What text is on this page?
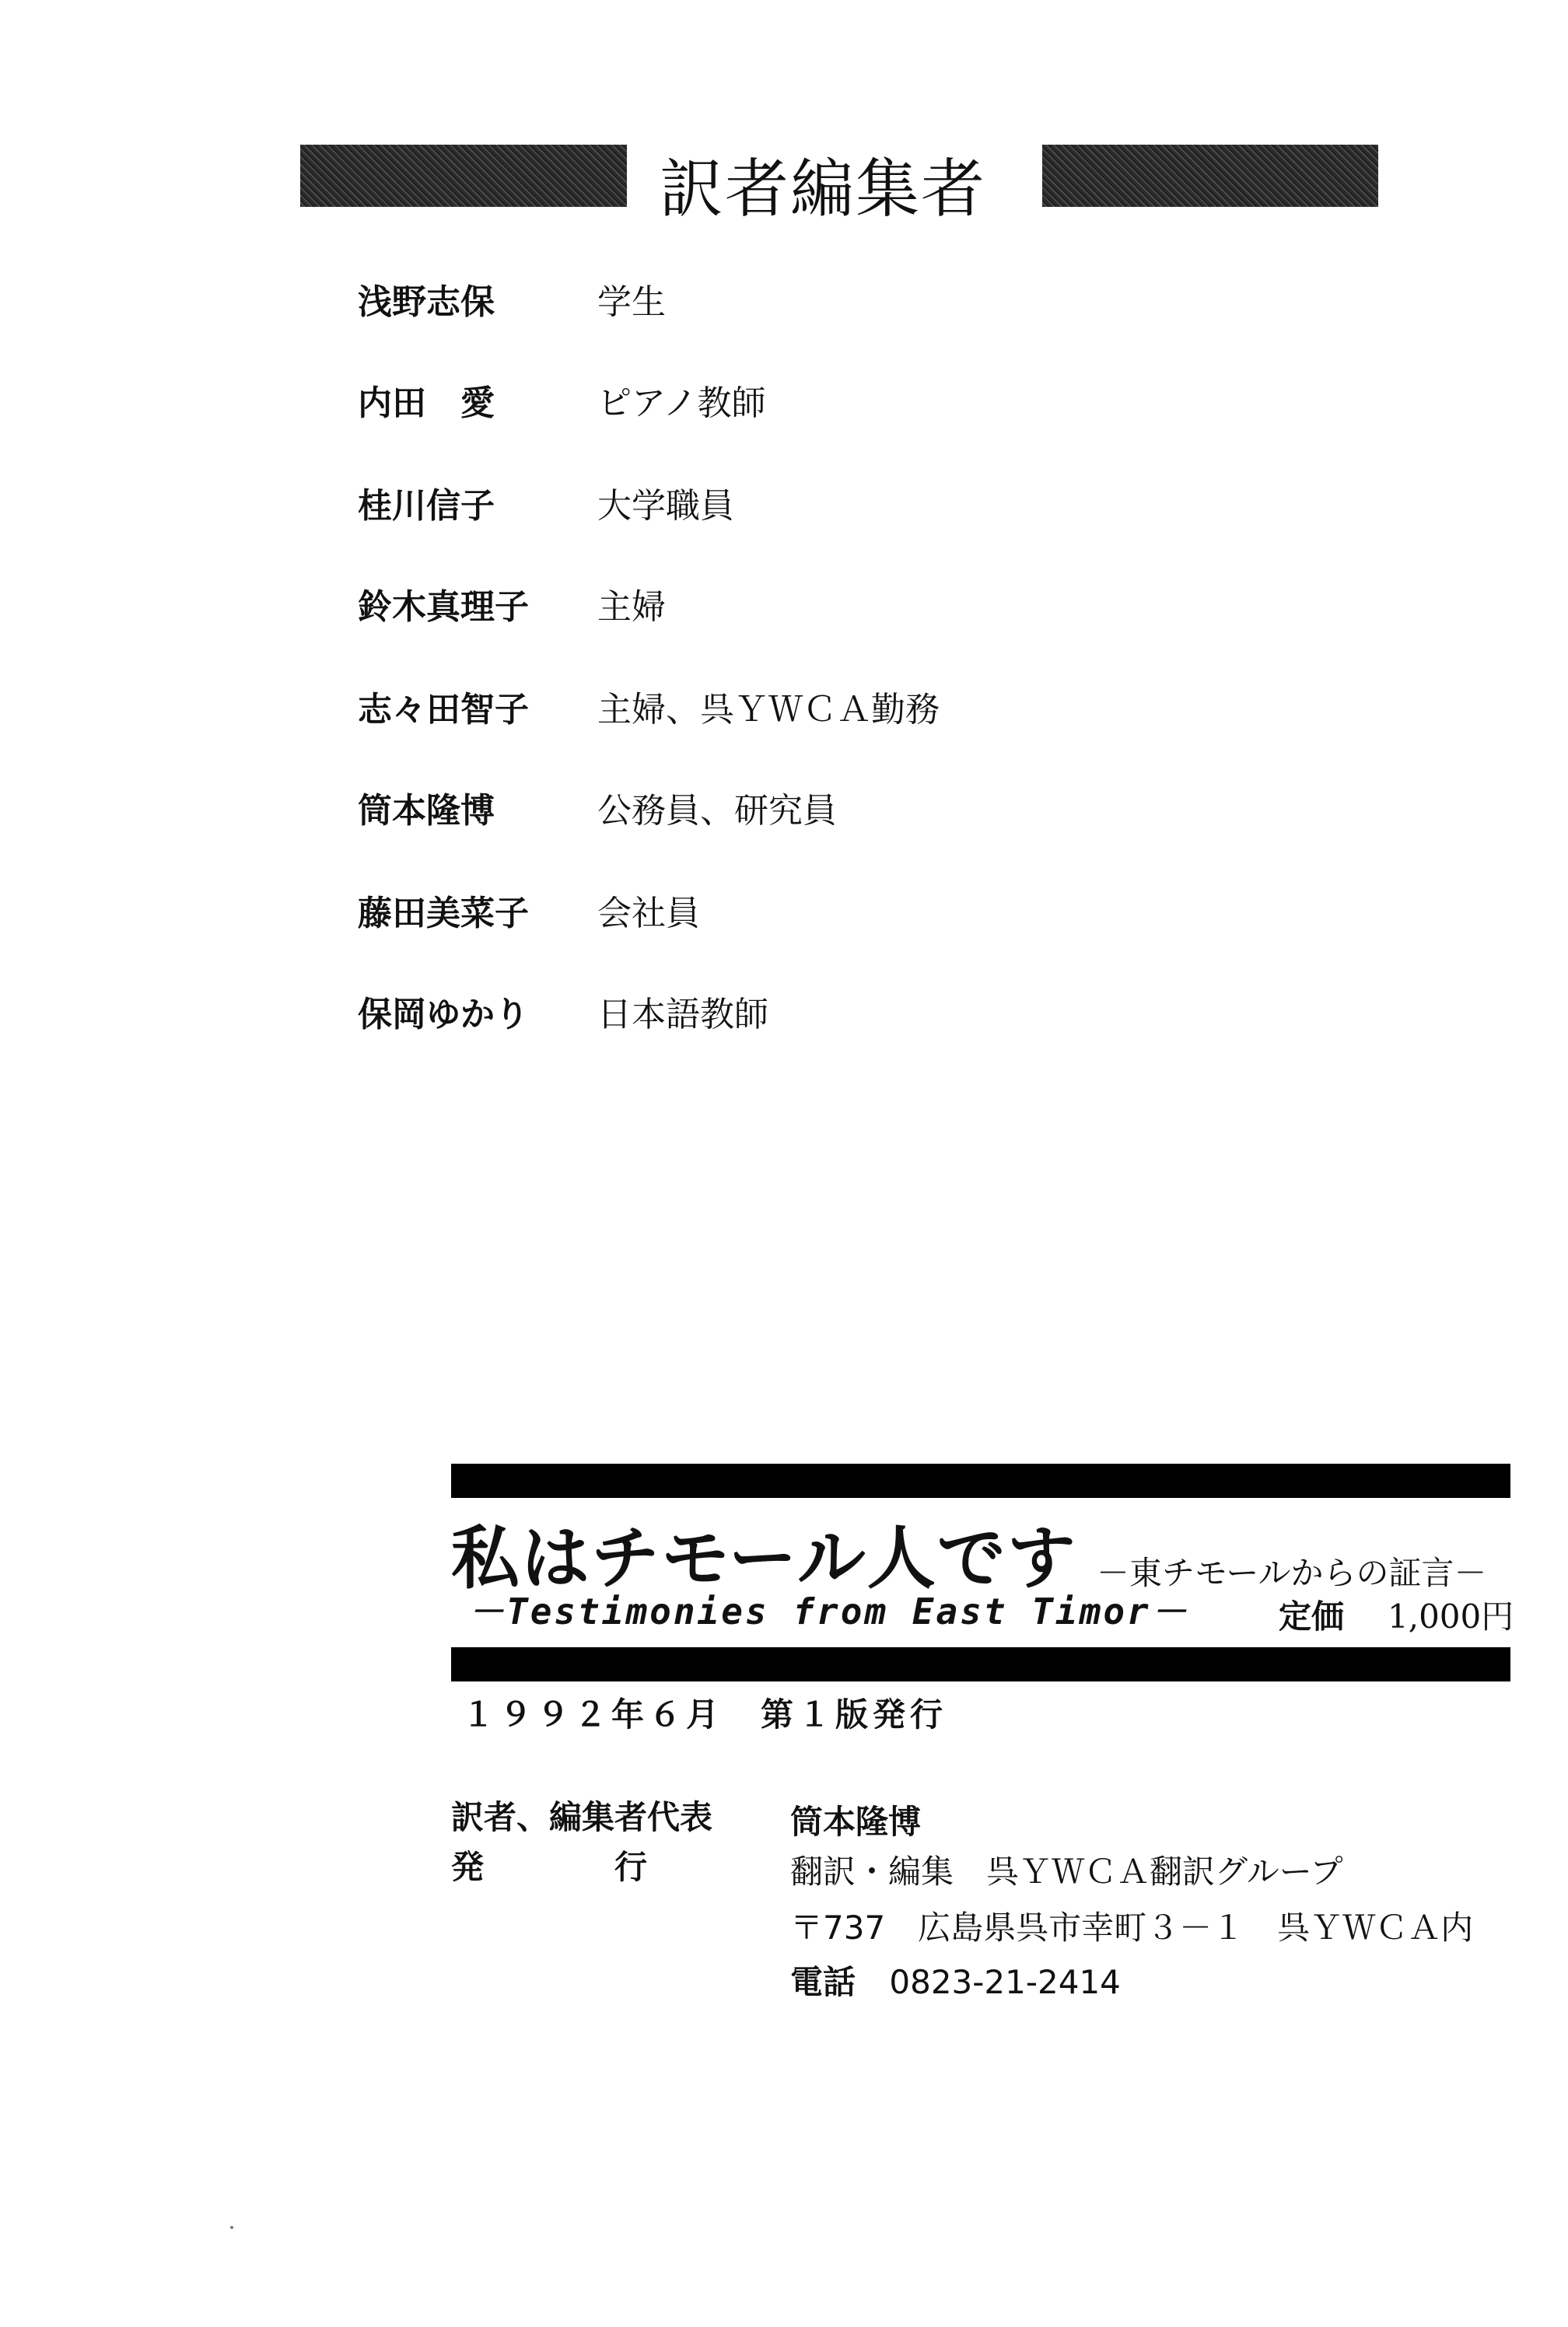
訳者編集者
浅野志保	学生
内田　愛	ピアノ教師
桂川信子	大学職員
鈴木真理子 主婦
志々田智子 主婦、呉ＹＷＣＡ勤務
筒本隆博	公務員、研究員
藤田美菜子 会社員
保岡ゆかり 日本語教師
私はチモール人です －東チモールからの証言－
－Testimonies from East Timor－	定価 1,000円
１９９２年６月　第１版発行
訳者、編集者代表 筒本隆博
発　　　　行	翻訳・編集　呉ＹＷＣＡ翻訳グループ
〒737　広島県呉市幸町３－１　呉ＹＷＣＡ内
電話 0823-21-2414
